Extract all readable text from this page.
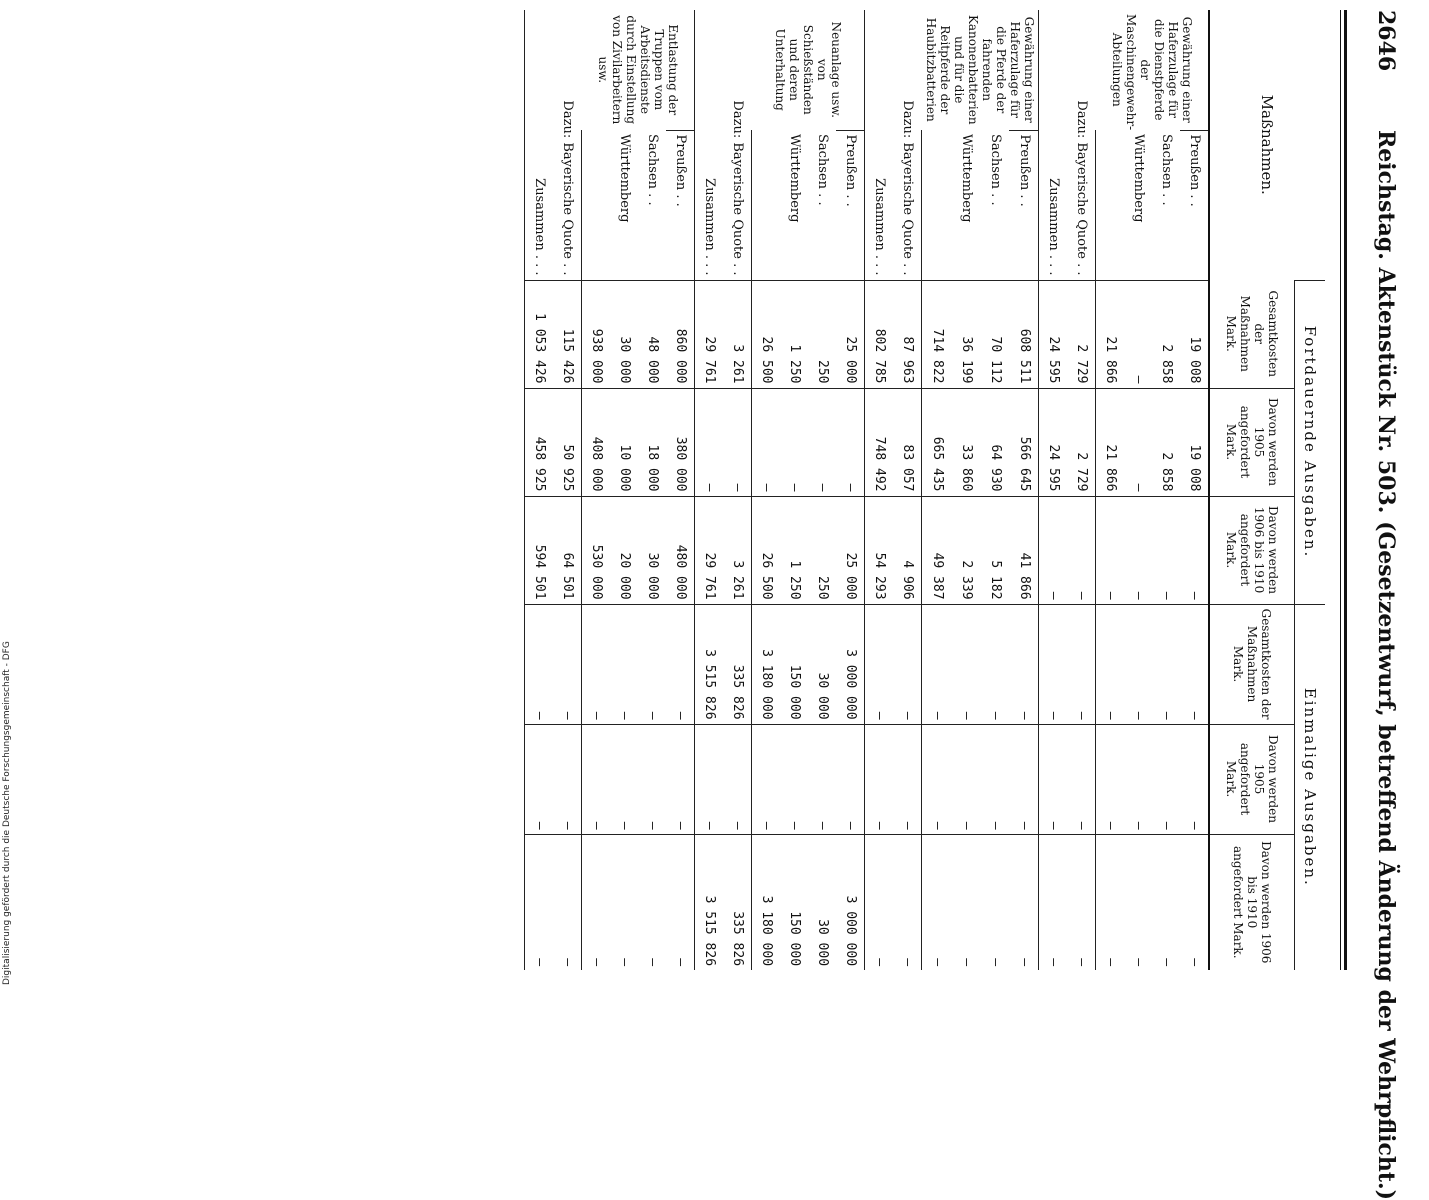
Digitalisierung gefördert durch die Deutsche Forschungsgemeinschaft - DFG
2646
Reichstag. Aktenstück Nr. 503. (Gesetzentwurf, betreffend Änderung der Wehrpflicht.)
Maßnahmen.		Fortdauernde Ausgaben.			Einmalige Ausgaben.		
		Gesamtkosten der Maßnahmen Mark.	Davon werden 1905 angefordert Mark.	Davon werden 1906 bis 1910 angefordert Mark.	Gesamtkosten der Maßnahmen Mark.	Davon werden 1905 angefordert Mark.	Davon werden 1906 bis 1910 angefordert Mark.
Gewährung einer Haferzulage für die Dienstpferde der Maschinengewehr-Abteilungen	Preußen . .	19 008	19 008	—	—	—	—
	Sachsen . .	2 858	2 858	—	—	—	—
	Württemberg	—	—	—	—	—	—
		21 866	21 866	—	—	—	—
Dazu: Bayerische Quote . .		2 729	2 729	—	—	—	—
Zusammen . . .		24 595	24 595	—	—	—	—
Gewährung einer Haferzulage für die Pferde der fahrenden Kanonenbatterien und für die Reitpferde der Haubitzbatterien	Preußen . .	608 511	566 645	41 866	—	—	—
	Sachsen . .	70 112	64 930	5 182	—	—	—
	Württemberg	36 199	33 860	2 339	—	—	—
		714 822	665 435	49 387	—	—	—
Dazu: Bayerische Quote . .		87 963	83 057	4 906	—	—	—
Zusammen . . .		802 785	748 492	54 293	—	—	—
Neuanlage usw. von Schießständen und deren Unterhaltung	Preußen . .	25 000	—	25 000	3 000 000	—	3 000 000
	Sachsen . .	250	—	250	30 000	—	30 000
	Württemberg	1 250	—	1 250	150 000	—	150 000
		26 500	—	26 500	3 180 000	—	3 180 000
Dazu: Bayerische Quote . .		3 261	—	3 261	335 826	—	335 826
Zusammen . . .		29 761	—	29 761	3 515 826	—	3 515 826
Entlastung der Truppen vom Arbeitsdienste durch Einstellung von Zivilarbeitern usw.	Preußen . .	860 000	380 000	480 000	—	—	—
	Sachsen . .	48 000	18 000	30 000	—	—	—
	Württemberg	30 000	10 000	20 000	—	—	—
		938 000	408 000	530 000	—	—	—
Dazu: Bayerische Quote . .		115 426	50 925	64 501	—	—	—
Zusammen . . .		1 053 426	458 925	594 501	—	—	—
